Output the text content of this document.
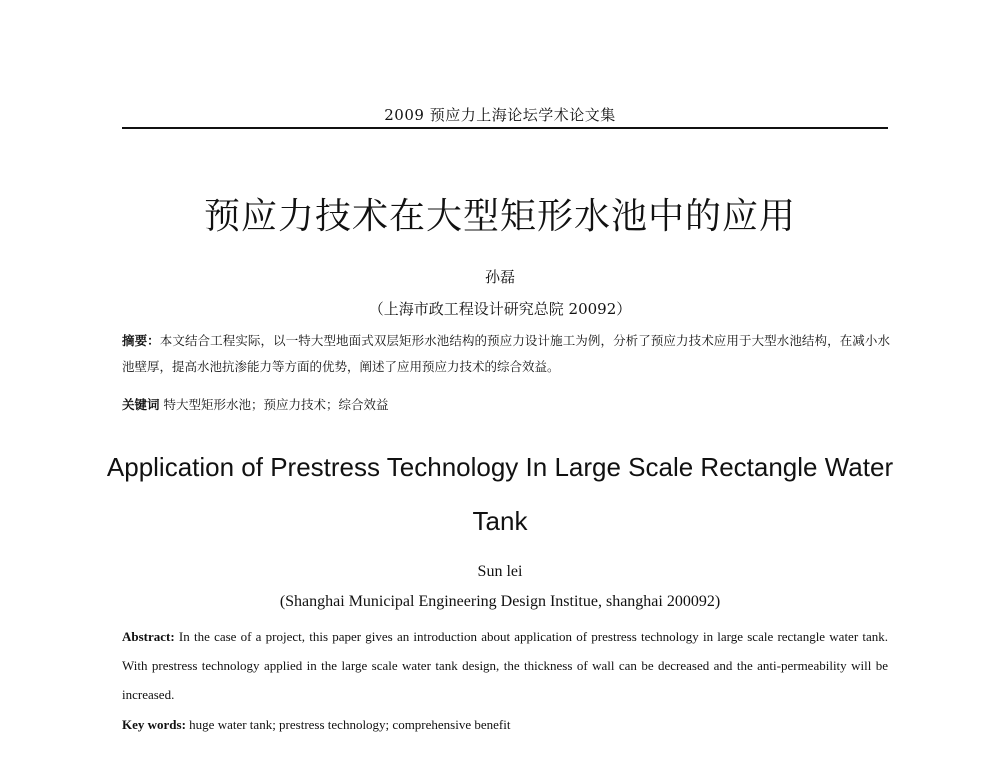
2009 预应力上海论坛学术论文集
预应力技术在大型矩形水池中的应用
孙磊
（上海市政工程设计研究总院 20092）
摘要：本文结合工程实际，以一特大型地面式双层矩形水池结构的预应力设计施工为例，分析了预应力技术应用于大型水池结构，在减小水池壁厚，提高水池抗渗能力等方面的优势，阐述了应用预应力技术的综合效益。
关键词 特大型矩形水池；预应力技术；综合效益
Application of Prestress Technology In Large Scale Rectangle Water Tank
Sun lei
(Shanghai Municipal Engineering Design Institue, shanghai 200092)
Abstract: In the case of a project, this paper gives an introduction about application of prestress technology in large scale rectangle water tank. With prestress technology applied in the large scale water tank design, the thickness of wall can be decreased and the anti-permeability will be increased.
Key words: huge water tank; prestress technology; comprehensive benefit
